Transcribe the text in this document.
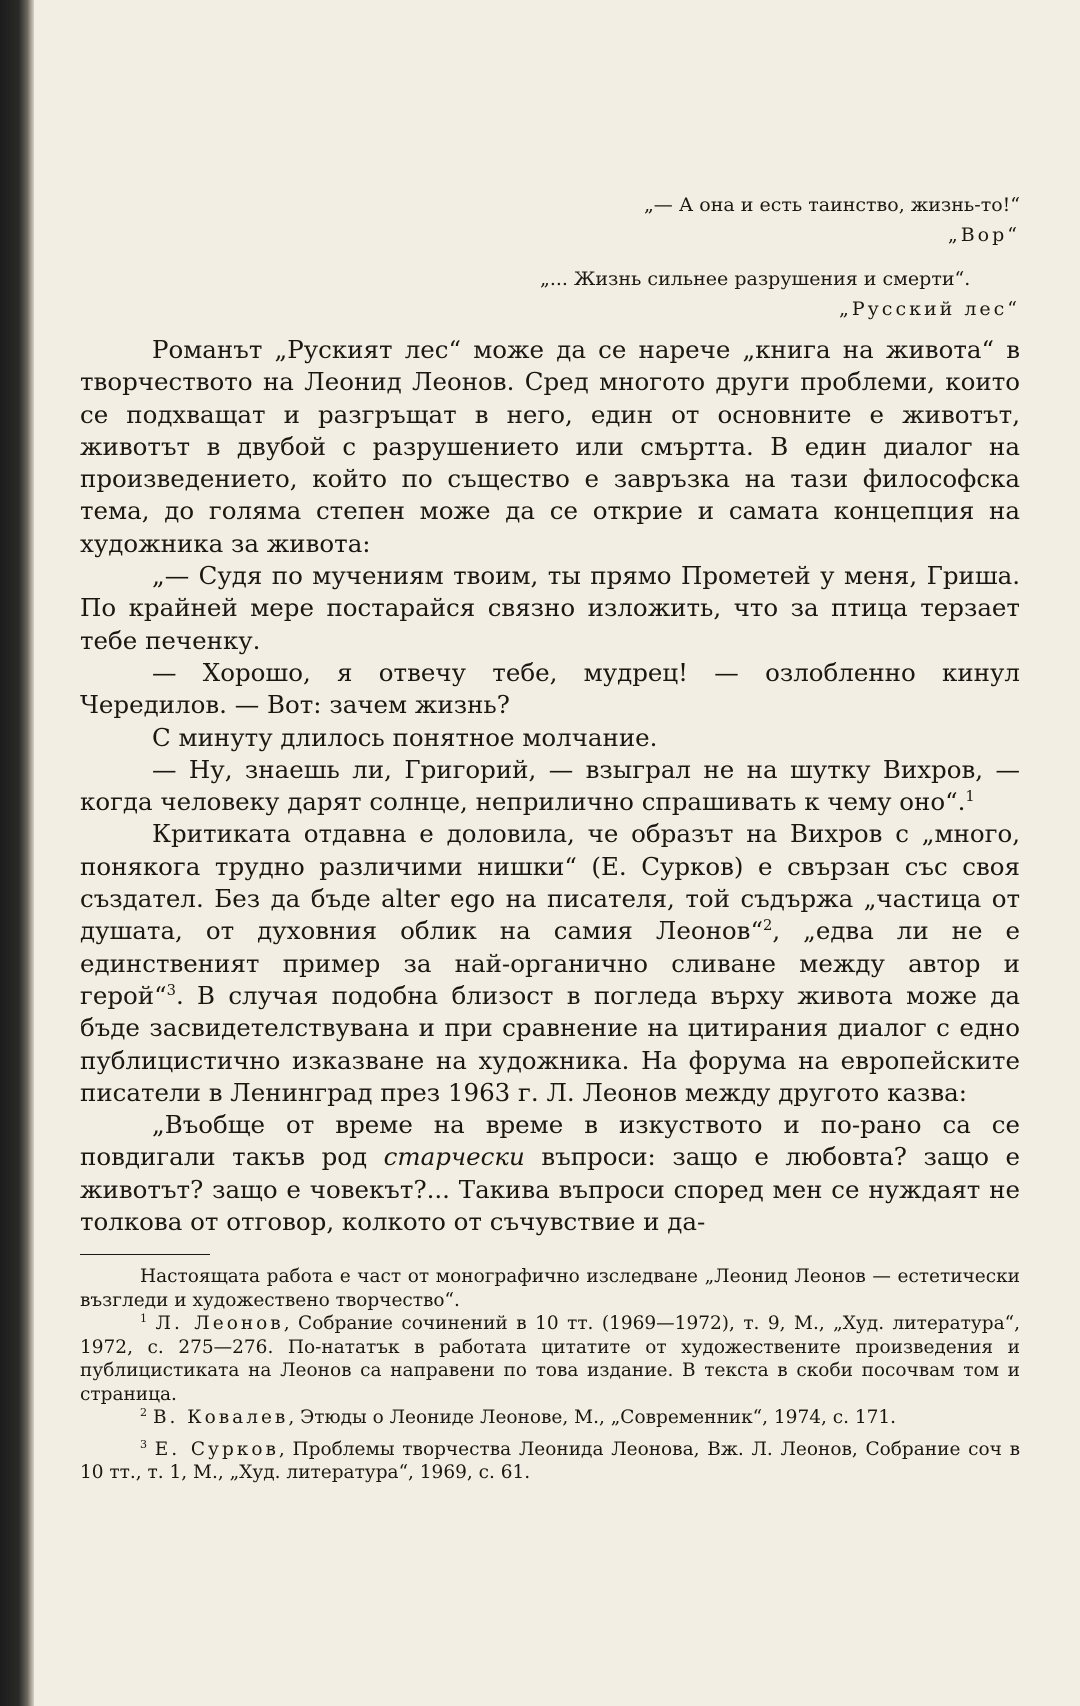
„— А она и есть таинство, жизнь-то!“
„Вор“
„... Жизнь сильнее разрушения и смерти“.
„Русский лес“

Романът „Руският лес“ може да се нарече „книга на живота“ в творчеството на Леонид Леонов. Сред многото други проблеми, които се подхващат и разгръщат в него, един от основните е животът, животът в двубой с разрушението или смъртта. В един диалог на произведението, който по същество е завръзка на тази философска тема, до голяма степен може да се открие и самата концепция на художника за живота:

„— Судя по мучениям твоим, ты прямо Прометей у меня, Гриша. По крайней мере постарайся связно изложить, что за птица терзает тебе печенку.

— Хорошо, я отвечу тебе, мудрец! — озлобленно кинул Чередилов. — Вот: зачем жизнь?

С минуту длилось понятное молчание.

— Ну, знаешь ли, Григорий, — взыграл не на шутку Вихров, — когда человеку дарят солнце, неприлично спрашивать к чему оно“.$^1$

Критиката отдавна е доловила, че образът на Вихров с „много, понякога трудно различими нишки“ (Е. Сурков) е свързан със своя създател. Без да бъде alter ego на писателя, той съдържа „частица от душата, от духовния облик на самия Леонов“$^2$, „едва ли не е единственият пример за най-органично сливане между автор и герой“$^3$. В случая подобна близост в погледа върху живота може да бъде засвидетелствувана и при сравнение на цитирания диалог с едно публицистично изказване на художника. На форума на европейските писатели в Ленинград през 1963 г. Л. Леонов между другото казва:

„Въобще от време на време в изкуството и по-рано са се повдигали такъв род старчески въпроси: защо е любовта? защо е животът? защо е човекът?... Такива въпроси според мен се нуждаят не толкова от отговор, колкото от съчувствие и да-

Настоящата работа е част от монографично изследване „Леонид Леонов — естетически възгледи и художествено творчество“.

$^1$ Л. Леонов, Собрание сочинений в 10 тт. (1969—1972), т. 9, М., „Худ. литература“, 1972, с. 275—276. По-нататък в работата цитатите от художествените произведения и публицистиката на Леонов са направени по това издание. В текста в скоби посочвам том и страница.

$^2$ В. Ковалев, Этюды о Леониде Леонове, М., „Современник“, 1974, с. 171.

$^3$ Е. Сурков, Проблемы творчества Леонида Леонова, Вж. Л. Леонов, Собрание соч в 10 тт., т. 1, М., „Худ. литература“, 1969, с. 61.
